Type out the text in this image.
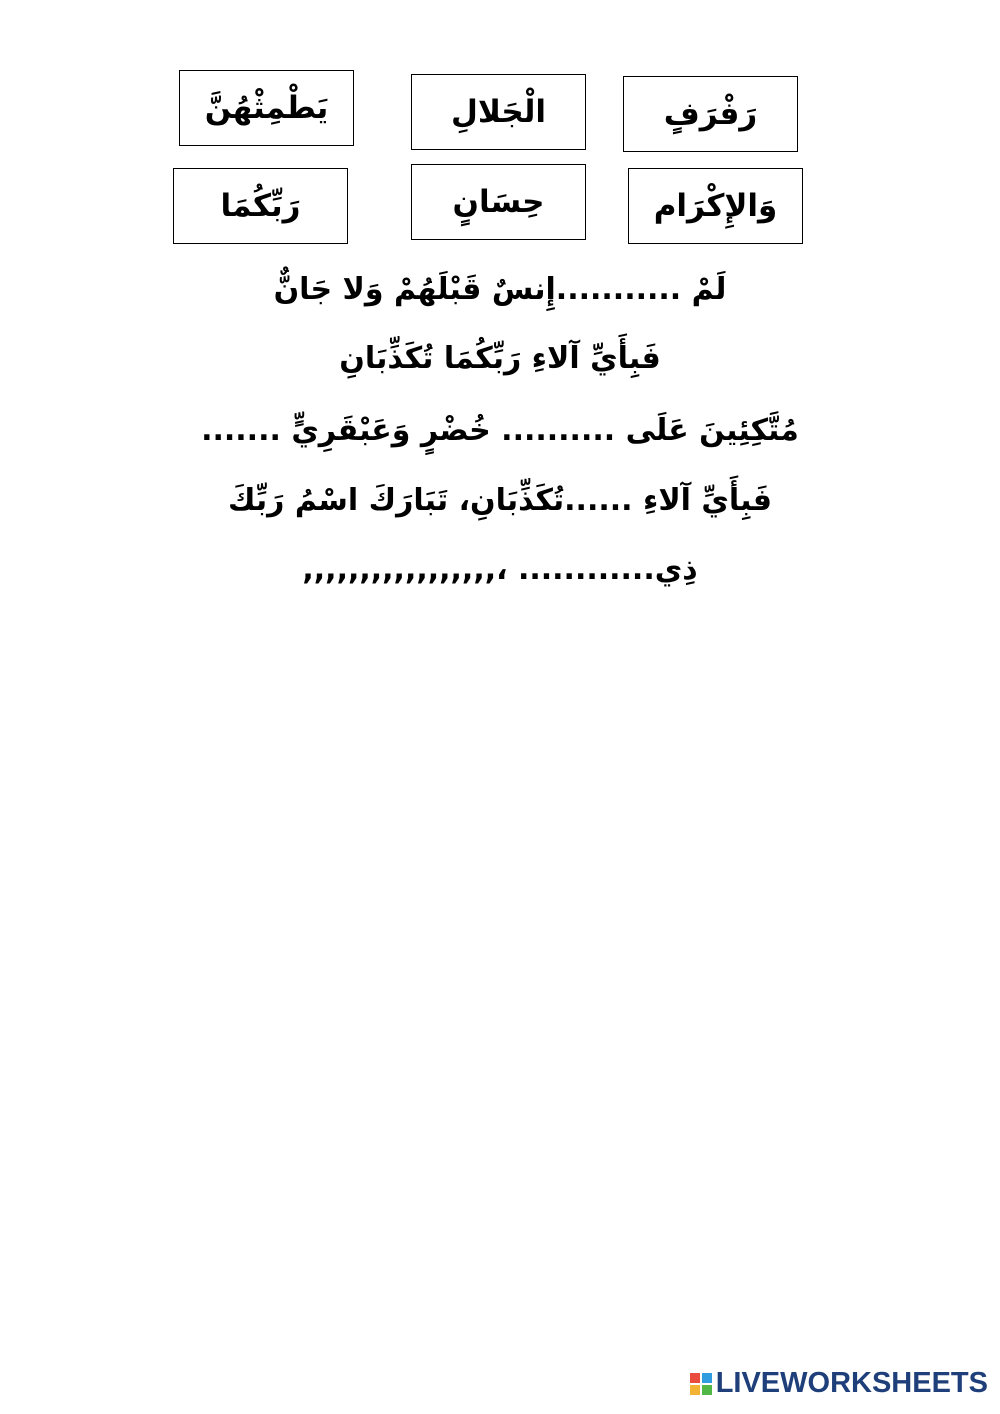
يَطْمِثْهُنَّ	الْجَلالِ	رَفْرَفٍ
رَبِّكُمَا	حِسَانٍ	وَالإِكْرَام
لَمْ ...........إِنسٌ قَبْلَهُمْ وَلا جَانٌّ
فَبِأَيِّ آلاءِ رَبِّكُمَا تُكَذِّبَانِ
مُتَّكِئِينَ عَلَى .......... خُضْرٍ وَعَبْقَرِيٍّ .......
فَبِأَيِّ آلاءِ ......تُكَذِّبَانِ، تَبَارَكَ اسْمُ رَبِّكَ
ذِي............ ،,,,,,,,,,,,,,,,,,
LIVEWORKSHEETS
